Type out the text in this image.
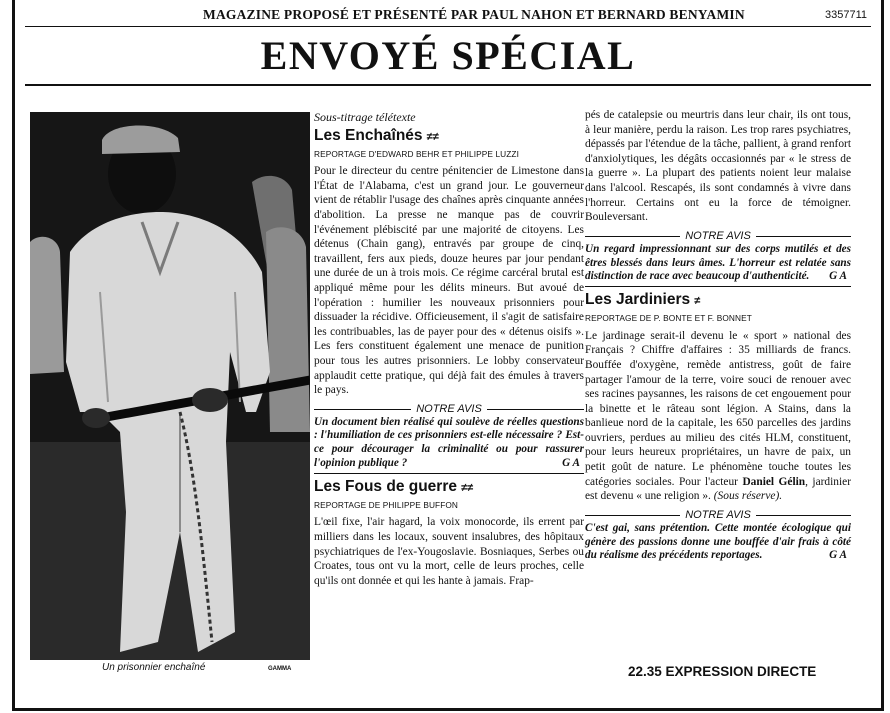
MAGAZINE PROPOSÉ ET PRÉSENTÉ PAR PAUL NAHON ET BERNARD BENYAMIN	3357711
ENVOYÉ SPÉCIAL
Un prisonnier enchaîné	GAMMA
Sous-titrage télétexte
Les Enchaînés ≠≠
REPORTAGE D'EDWARD BEHR ET PHILIPPE LUZZI

Pour le directeur du centre pénitencier de Limestone dans l'État de l'Alabama, c'est un grand jour. Le gouverneur vient de rétablir l'usage des chaînes après cinquante années d'abolition. La presse ne manque pas de couvrir l'événement plébiscité par une majorité de citoyens. Les détenus (Chain gang), entravés par groupe de cinq, travaillent, fers aux pieds, douze heures par jour pendant une durée de un à trois mois. Ce régime carcéral brutal est appliqué même pour les délits mineurs. But avoué de l'opération : humilier les nouveaux prisonniers pour dissuader la récidive. Officieusement, il s'agit de satisfaire les contribuables, las de payer pour des « détenus oisifs ». Les fers constituent également une menace de punition pour tous les autres prisonniers. Le lobby conservateur applaudit cette pratique, qui déjà fait des émules à travers le pays.

NOTRE AVIS
Un document bien réalisé qui soulève de réelles questions : l'humiliation de ces prisonniers est-elle nécessaire ? Est-ce pour décourager la criminalité ou pour rassurer l'opinion publique ?	G A
Les Fous de guerre ≠≠
REPORTAGE DE PHILIPPE BUFFON

L'œil fixe, l'air hagard, la voix monocorde, ils errent par milliers dans les locaux, souvent insalubres, des hôpitaux psychiatriques de l'ex-Yougoslavie. Bosniaques, Serbes ou Croates, tous ont vu la mort, celle de leurs proches, celle qu'ils ont donnée et qui les hante à jamais. Frap-

pés de catalepsie ou meurtris dans leur chair, ils ont tous, à leur manière, perdu la raison. Les trop rares psychiatres, dépassés par l'étendue de la tâche, pallient, à grand renfort d'anxiolytiques, les dégâts occasionnés par « le stress de la guerre ». La plupart des patients noient leur malaise dans l'alcool. Rescapés, ils sont condamnés à vivre dans l'horreur. Certains ont eu la force de témoigner. Bouleversant.

NOTRE AVIS
Un regard impressionnant sur des corps mutilés et des êtres blessés dans leurs âmes. L'horreur est relatée sans distinction de race avec beaucoup d'authenticité. G A
Les Jardiniers ≠
REPORTAGE DE P. BONTE ET F. BONNET

Le jardinage serait-il devenu le « sport » national des Français ? Chiffre d'affaires : 35 milliards de francs. Bouffée d'oxygène, remède antistress, goût de faire partager l'amour de la terre, voire souci de renouer avec ses racines paysannes, les raisons de cet engouement pour la binette et le râteau sont légion. A Stains, dans la banlieue nord de la capitale, les 650 parcelles des jardins ouvriers, perdues au milieu des cités HLM, constituent, pour leurs heureux propriétaires, un havre de paix, un petit goût de nature. Le phénomène touche toutes les catégories sociales. Pour l'acteur Daniel Gélin, jardinier est devenu « une religion ». (Sous réserve).

NOTRE AVIS
C'est gai, sans prétention. Cette montée écologique qui génère des passions donne une bouffée d'air frais à côté du réalisme des précédents reportages.	G A
22.35 EXPRESSION DIRECTE
